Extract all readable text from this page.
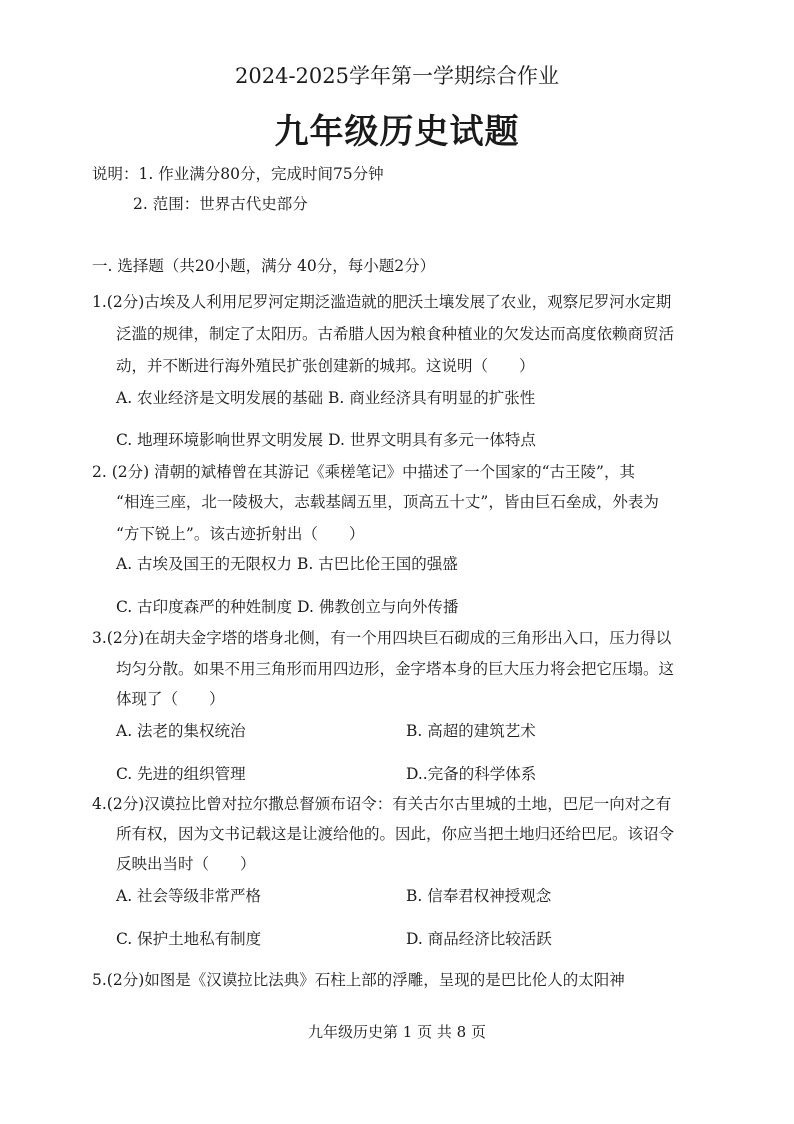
2024-2025学年第一学期综合作业
九年级历史试题
说明：1. 作业满分80分，完成时间75分钟
2. 范围：世界古代史部分
一. 选择题（共20小题，满分 40分，每小题2分）
1.(2分)古埃及人利用尼罗河定期泛滥造就的肥沃土壤发展了农业，观察尼罗河水定期
泛滥的规律，制定了太阳历。古希腊人因为粮食种植业的欠发达而高度依赖商贸活
动，并不断进行海外殖民扩张创建新的城邦。这说明（　　）
A. 农业经济是文明发展的基础 B. 商业经济具有明显的扩张性
C. 地理环境影响世界文明发展 D. 世界文明具有多元一体特点
2. (2分) 清朝的斌椿曾在其游记《乘槎笔记》中描述了一个国家的“古王陵”，其
“相连三座，北一陵极大，志载基阔五里，顶高五十丈”，皆由巨石垒成，外表为
“方下锐上”。该古迹折射出（　　）
A. 古埃及国王的无限权力 B. 古巴比伦王国的强盛
C. 古印度森严的种姓制度 D. 佛教创立与向外传播
3.(2分)在胡夫金字塔的塔身北侧，有一个用四块巨石砌成的三角形出入口，压力得以
均匀分散。如果不用三角形而用四边形，金字塔本身的巨大压力将会把它压塌。这
体现了（　　）
A. 法老的集权统治	B. 高超的建筑艺术
C. 先进的组织管理	D..完备的科学体系
4.(2分)汉谟拉比曾对拉尔撒总督颁布诏令：有关古尔古里城的土地，巴尼一向对之有
所有权，因为文书记载这是让渡给他的。因此，你应当把土地归还给巴尼。该诏令
反映出当时（　　）
A. 社会等级非常严格	B. 信奉君权神授观念
C. 保护土地私有制度	D. 商品经济比较活跃
5.(2分)如图是《汉谟拉比法典》石柱上部的浮雕，呈现的是巴比伦人的太阳神
九年级历史第 1 页 共 8 页
